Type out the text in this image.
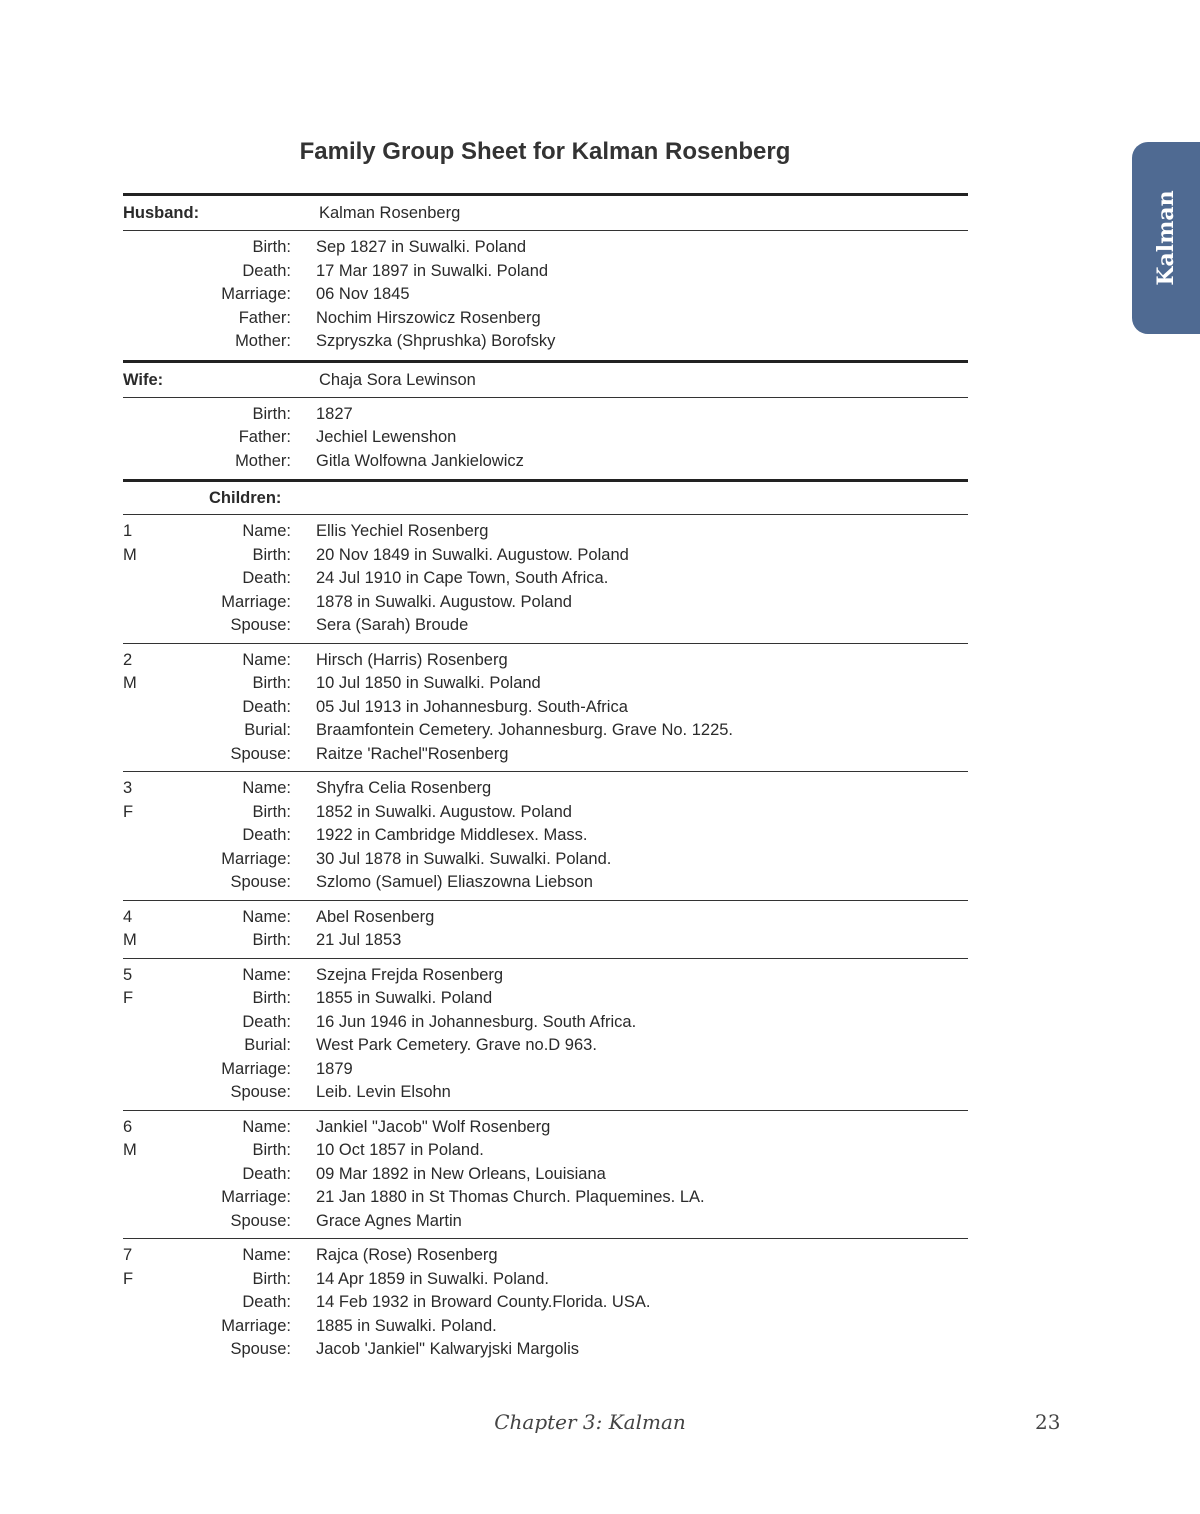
Family Group Sheet for Kalman Rosenberg
Kalman
Husband:	Kalman Rosenberg
Birth: Sep 1827 in Suwalki. Poland
Death: 17 Mar 1897 in Suwalki. Poland
Marriage: 06 Nov 1845
Father: Nochim Hirszowicz Rosenberg
Mother: Szpryszka (Shprushka) Borofsky
Wife:	Chaja Sora Lewinson
Birth: 1827
Father: Jechiel Lewenshon
Mother: Gitla Wolfowna Jankielowicz
Children:
1
M
Name: Ellis Yechiel Rosenberg
Birth: 20 Nov 1849 in Suwalki. Augustow. Poland
Death: 24 Jul 1910 in Cape Town, South Africa.
Marriage: 1878 in Suwalki. Augustow. Poland
Spouse: Sera (Sarah) Broude
2
M
Name: Hirsch (Harris) Rosenberg
Birth: 10 Jul 1850 in Suwalki. Poland
Death: 05 Jul 1913 in Johannesburg. South-Africa
Burial: Braamfontein Cemetery. Johannesburg. Grave No. 1225.
Spouse: Raitze 'Rachel"Rosenberg
3
F
Name: Shyfra Celia Rosenberg
Birth: 1852 in Suwalki. Augustow. Poland
Death: 1922 in Cambridge Middlesex. Mass.
Marriage: 30 Jul 1878 in Suwalki. Suwalki. Poland.
Spouse: Szlomo (Samuel) Eliaszowna Liebson
4
M
Name: Abel Rosenberg
Birth: 21 Jul 1853
5
F
Name: Szejna Frejda Rosenberg
Birth: 1855 in Suwalki. Poland
Death: 16 Jun 1946 in Johannesburg. South Africa.
Burial: West Park Cemetery. Grave no.D 963.
Marriage: 1879
Spouse: Leib. Levin Elsohn
6
M
Name: Jankiel "Jacob" Wolf Rosenberg
Birth: 10 Oct 1857 in Poland.
Death: 09 Mar 1892 in New Orleans, Louisiana
Marriage: 21 Jan 1880 in St Thomas Church. Plaquemines. LA.
Spouse: Grace Agnes Martin
7
F
Name: Rajca (Rose) Rosenberg
Birth: 14 Apr 1859 in Suwalki. Poland.
Death: 14 Feb 1932 in Broward County.Florida. USA.
Marriage: 1885 in Suwalki. Poland.
Spouse: Jacob 'Jankiel" Kalwaryjski Margolis
Chapter 3: Kalman	23
